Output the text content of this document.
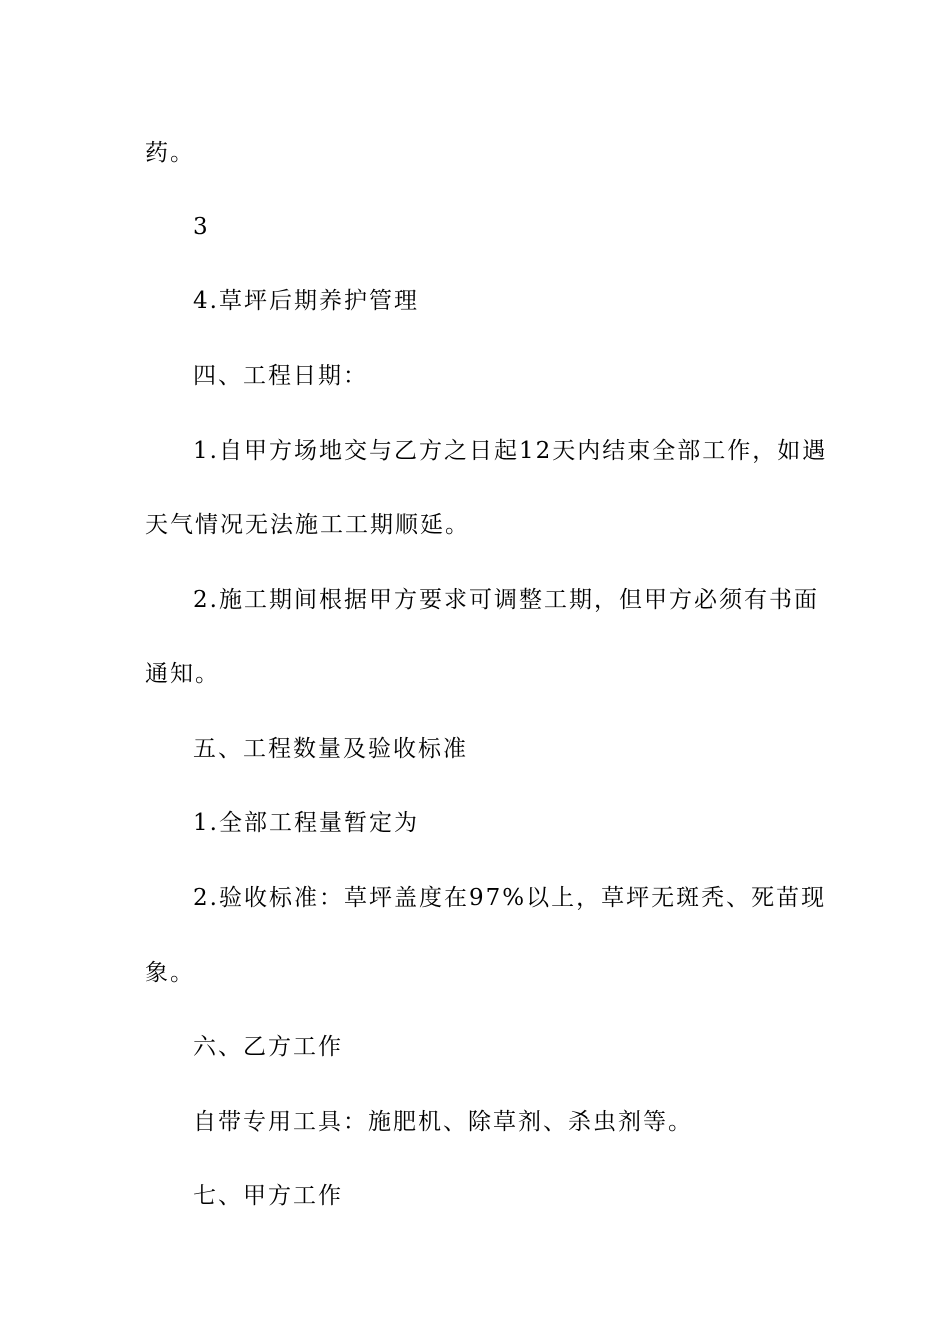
药。
3
4.草坪后期养护管理
四、工程日期：
1.自甲方场地交与乙方之日起12天内结束全部工作，如遇
天气情况无法施工工期顺延。
2.施工期间根据甲方要求可调整工期，但甲方必须有书面
通知。
五、工程数量及验收标准
1.全部工程量暂定为
2.验收标准：草坪盖度在97%以上，草坪无斑秃、死苗现
象。
六、乙方工作
自带专用工具：施肥机、除草剂、杀虫剂等。
七、甲方工作
